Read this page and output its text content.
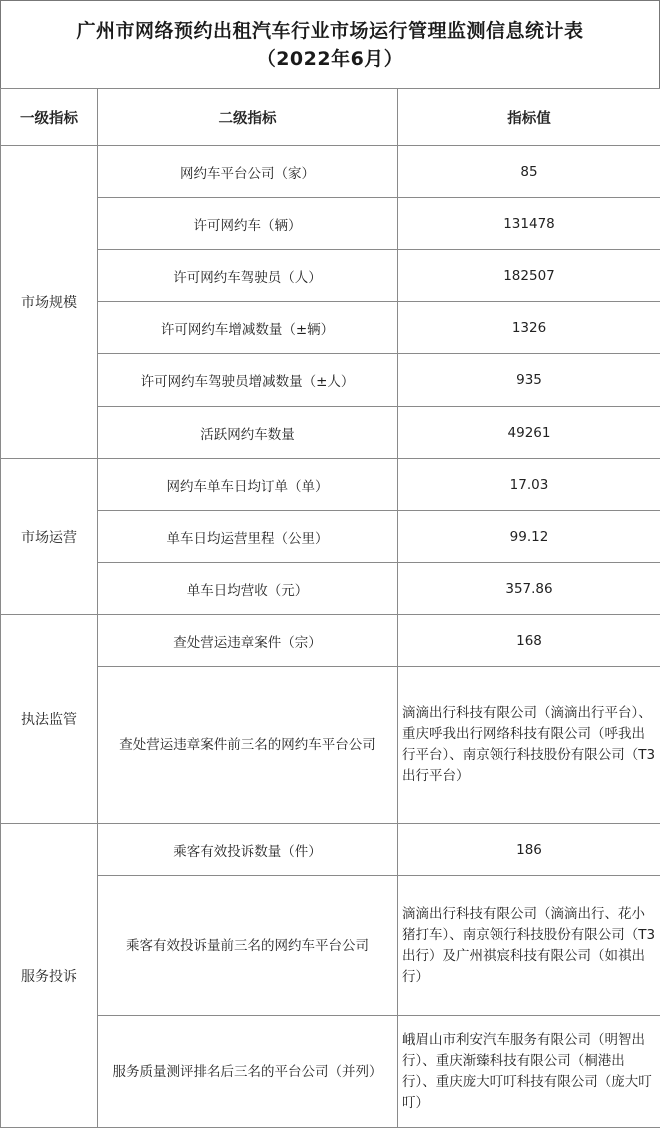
广州市网络预约出租汽车行业市场运行管理监测信息统计表
（2022年6月）
一级指标	二级指标	指标值
市场规模	网约车平台公司（家）	85
	许可网约车（辆）	131478
	许可网约车驾驶员（人）	182507
	许可网约车增减数量（±辆）	1326
	许可网约车驾驶员增减数量（±人）	935
	活跃网约车数量	49261
市场运营	网约车单车日均订单（单）	17.03
	单车日均运营里程（公里）	99.12
	单车日均营收（元）	357.86
执法监管	查处营运违章案件（宗）	168
	查处营运违章案件前三名的网约车平台公司	滴滴出行科技有限公司（滴滴出行平台）、重庆呼我出行网络科技有限公司（呼我出行平台）、南京领行科技股份有限公司（T3出行平台）
服务投诉	乘客有效投诉数量（件）	186
	乘客有效投诉量前三名的网约车平台公司	滴滴出行科技有限公司（滴滴出行、花小猪打车）、南京领行科技股份有限公司（T3出行）及广州祺宸科技有限公司（如祺出行）
	服务质量测评排名后三名的平台公司（并列）	峨眉山市利安汽车服务有限公司（明智出行）、重庆渐臻科技有限公司（桐港出行）、重庆庞大叮叮科技有限公司（庞大叮叮）
